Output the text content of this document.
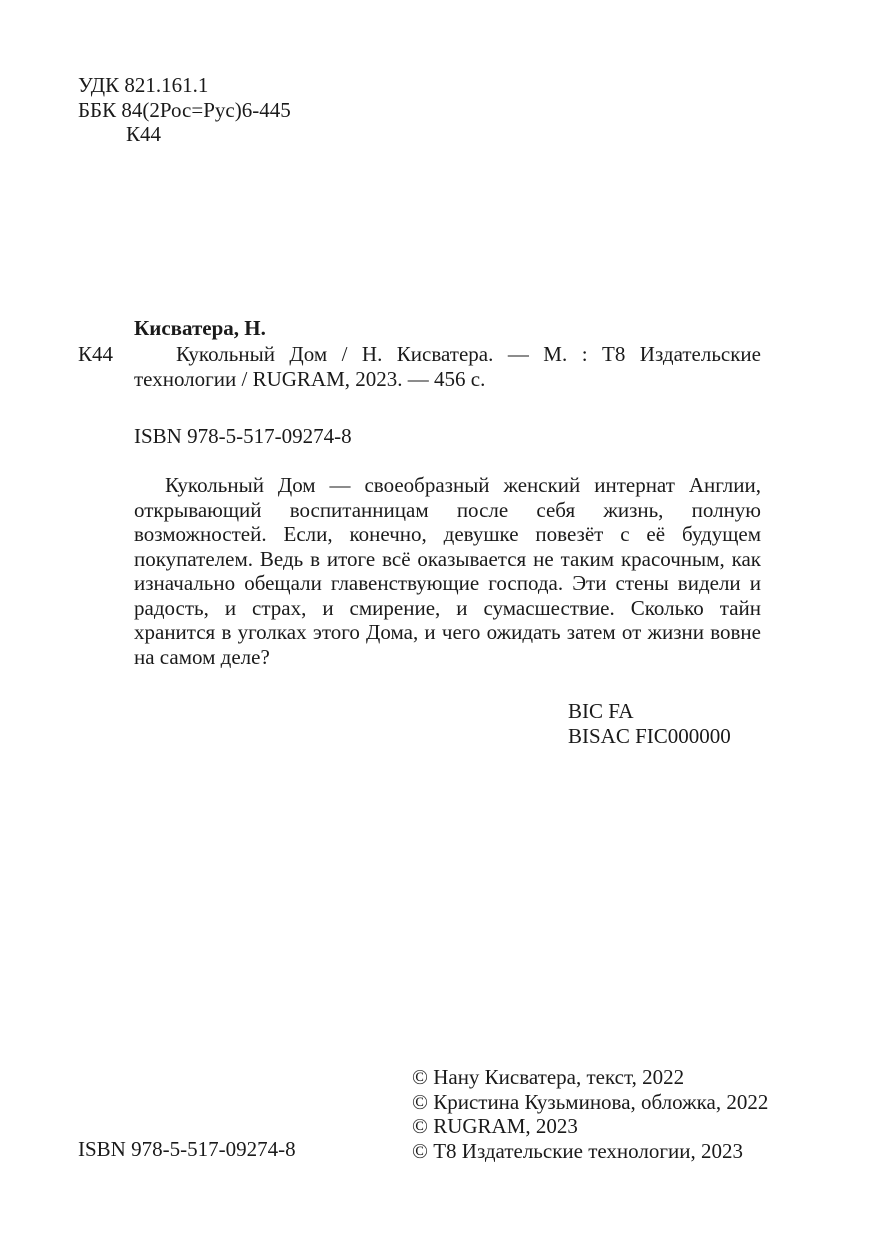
УДК 821.161.1
ББК 84(2Рос=Рус)6-445
К44
Кисватера, Н.
К44	Кукольный Дом / Н. Кисватера. — М. : Т8 Издательские технологии / RUGRAM, 2023. — 456 с.
ISBN 978-5-517-09274-8
Кукольный Дом — своеобразный женский интернат Англии, открывающий воспитанницам после себя жизнь, полную возможностей. Если, конечно, девушке повезёт с её будущем покупателем. Ведь в итоге всё оказывается не таким красочным, как изначально обещали главенствующие господа. Эти стены видели и радость, и страх, и смирение, и сумасшествие. Сколько тайн хранится в уголках этого Дома, и чего ожидать затем от жизни вовне на самом деле?
BIC FA
BISAC FIC000000
© Нану Кисватера, текст, 2022
© Кристина Кузьминова, обложка, 2022
© RUGRAM, 2023
© Т8 Издательские технологии, 2023
ISBN 978-5-517-09274-8
